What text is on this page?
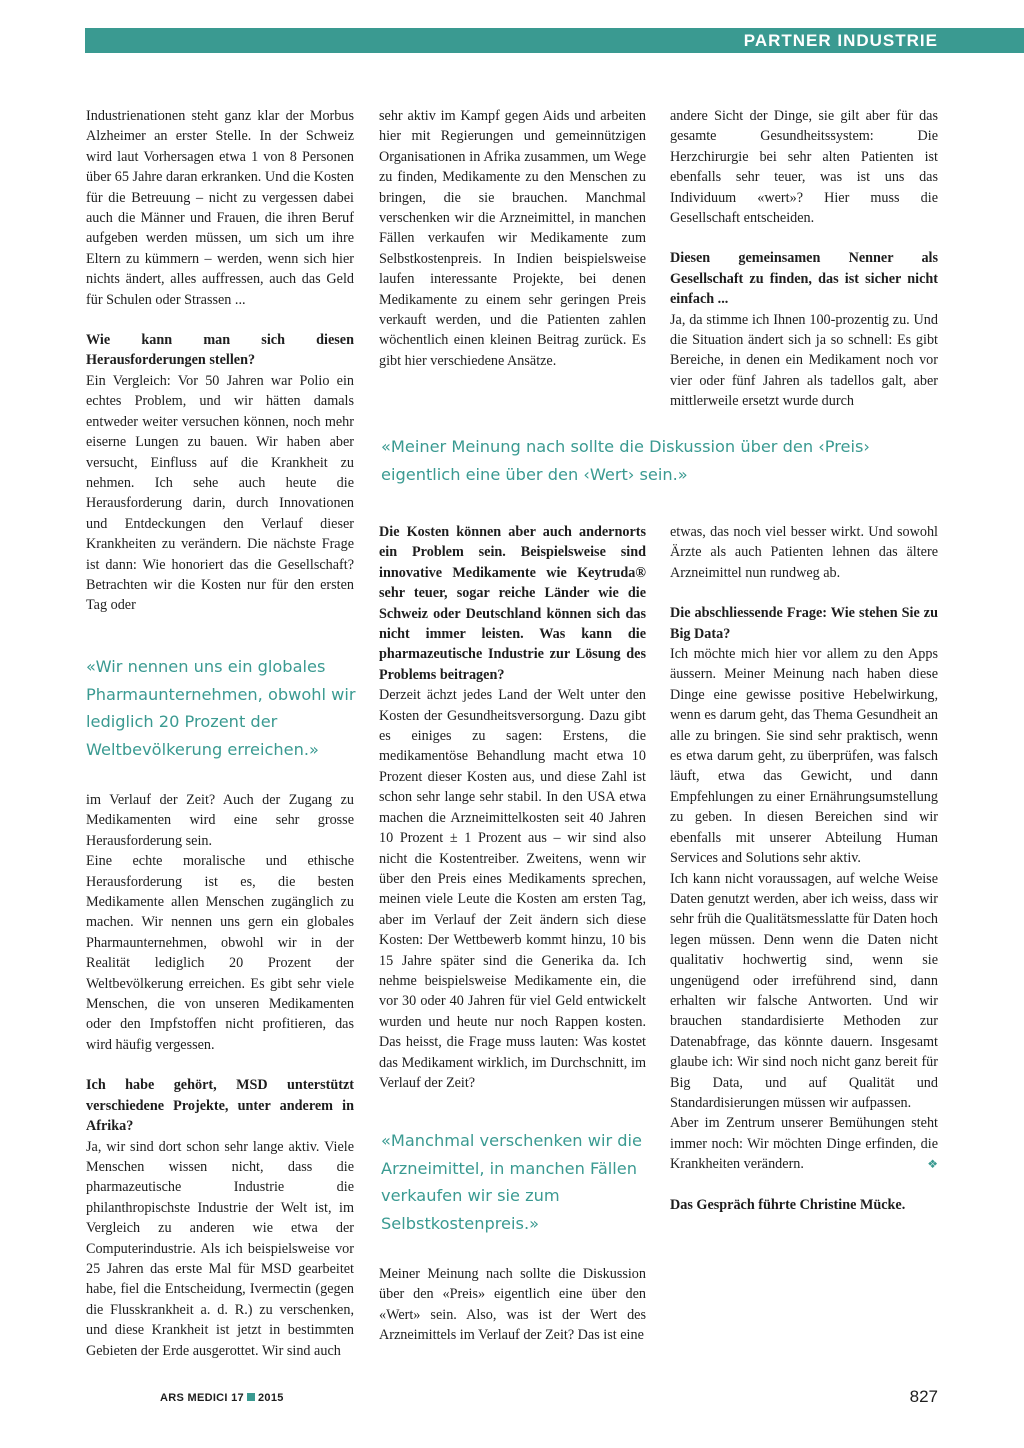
PARTNER INDUSTRIE

Industrienationen steht ganz klar der Morbus Alzheimer an erster Stelle. In der Schweiz wird laut Vorhersagen etwa 1 von 8 Personen über 65 Jahre daran erkranken. Und die Kosten für die Betreuung – nicht zu vergessen dabei auch die Männer und Frauen, die ihren Beruf aufgeben werden müssen, um sich um ihre Eltern zu kümmern – werden, wenn sich hier nichts ändert, alles auffressen, auch das Geld für Schulen oder Strassen ...

Wie kann man sich diesen Herausforderungen stellen?

Ein Vergleich: Vor 50 Jahren war Polio ein echtes Problem, und wir hätten damals entweder weiter versuchen können, noch mehr eiserne Lungen zu bauen. Wir haben aber versucht, Einfluss auf die Krankheit zu nehmen. Ich sehe auch heute die Herausforderung darin, durch Innovationen und Entdeckungen den Verlauf dieser Krankheiten zu verändern. Die nächste Frage ist dann: Wie honoriert das die Gesellschaft? Betrachten wir die Kosten nur für den ersten Tag oder

«Wir nennen uns ein globales Pharmaunternehmen, obwohl wir lediglich 20 Prozent der Weltbevölkerung erreichen.»

im Verlauf der Zeit? Auch der Zugang zu Medikamenten wird eine sehr grosse Herausforderung sein.

Eine echte moralische und ethische Herausforderung ist es, die besten Medikamente allen Menschen zugänglich zu machen. Wir nennen uns gern ein globales Pharmaunternehmen, obwohl wir in der Realität lediglich 20 Prozent der Weltbevölkerung erreichen. Es gibt sehr viele Menschen, die von unseren Medikamenten oder den Impfstoffen nicht profitieren, das wird häufig vergessen.

Ich habe gehört, MSD unterstützt verschiedene Projekte, unter anderem in Afrika?

Ja, wir sind dort schon sehr lange aktiv. Viele Menschen wissen nicht, dass die pharmazeutische Industrie die philanthropischste Industrie der Welt ist, im Vergleich zu anderen wie etwa der Computerindustrie. Als ich beispielsweise vor 25 Jahren das erste Mal für MSD gearbeitet habe, fiel die Entscheidung, Ivermectin (gegen die Flusskrankheit a. d. R.) zu verschenken, und diese Krankheit ist jetzt in bestimmten Gebieten der Erde ausgerottet. Wir sind auch

sehr aktiv im Kampf gegen Aids und arbeiten hier mit Regierungen und gemeinnützigen Organisationen in Afrika zusammen, um Wege zu finden, Medikamente zu den Menschen zu bringen, die sie brauchen. Manchmal verschenken wir die Arzneimittel, in manchen Fällen verkaufen wir Medikamente zum Selbstkostenpreis. In Indien beispielsweise laufen interessante Projekte, bei denen Medikamente zu einem sehr geringen Preis verkauft werden, und die Patienten zahlen wöchentlich einen kleinen Beitrag zurück. Es gibt hier verschiedene Ansätze.

andere Sicht der Dinge, sie gilt aber für das gesamte Gesundheitssystem: Die Herzchirurgie bei sehr alten Patienten ist ebenfalls sehr teuer, was ist uns das Individuum «wert»? Hier muss die Gesellschaft entscheiden.

Diesen gemeinsamen Nenner als Gesellschaft zu finden, das ist sicher nicht einfach ...

Ja, da stimme ich Ihnen 100-prozentig zu. Und die Situation ändert sich ja so schnell: Es gibt Bereiche, in denen ein Medikament noch vor vier oder fünf Jahren als tadellos galt, aber mittlerweile ersetzt wurde durch

«Meiner Meinung nach sollte die Diskussion über den ‹Preis› eigentlich eine über den ‹Wert› sein.»

Die Kosten können aber auch andernorts ein Problem sein. Beispielsweise sind innovative Medikamente wie Keytruda® sehr teuer, sogar reiche Länder wie die Schweiz oder Deutschland können sich das nicht immer leisten. Was kann die pharmazeutische Industrie zur Lösung des Problems beitragen?

Derzeit ächzt jedes Land der Welt unter den Kosten der Gesundheitsversorgung. Dazu gibt es einiges zu sagen: Erstens, die medikamentöse Behandlung macht etwa 10 Prozent dieser Kosten aus, und diese Zahl ist schon sehr lange sehr stabil. In den USA etwa machen die Arzneimittelkosten seit 40 Jahren 10 Prozent ± 1 Prozent aus – wir sind also nicht die Kostentreiber. Zweitens, wenn wir über den Preis eines Medikaments sprechen, meinen viele Leute die Kosten am ersten Tag, aber im Verlauf der Zeit ändern sich diese Kosten: Der Wettbewerb kommt hinzu, 10 bis 15 Jahre später sind die Generika da. Ich nehme beispielsweise Medikamente ein, die vor 30 oder 40 Jahren für viel Geld entwickelt wurden und heute nur noch Rappen kosten. Das heisst, die Frage muss lauten: Was kostet das Medikament wirklich, im Durchschnitt, im Verlauf der Zeit?

«Manchmal verschenken wir die Arzneimittel, in manchen Fällen verkaufen wir sie zum Selbstkostenpreis.»

Meiner Meinung nach sollte die Diskussion über den «Preis» eigentlich eine über den «Wert» sein. Also, was ist der Wert des Arzneimittels im Verlauf der Zeit? Das ist eine

etwas, das noch viel besser wirkt. Und sowohl Ärzte als auch Patienten lehnen das ältere Arzneimittel nun rundweg ab.

Die abschliessende Frage: Wie stehen Sie zu Big Data?

Ich möchte mich hier vor allem zu den Apps äussern. Meiner Meinung nach haben diese Dinge eine gewisse positive Hebelwirkung, wenn es darum geht, das Thema Gesundheit an alle zu bringen. Sie sind sehr praktisch, wenn es etwa darum geht, zu überprüfen, was falsch läuft, etwa das Gewicht, und dann Empfehlungen zu einer Ernährungsumstellung zu geben. In diesen Bereichen sind wir ebenfalls mit unserer Abteilung Human Services and Solutions sehr aktiv.

Ich kann nicht voraussagen, auf welche Weise Daten genutzt werden, aber ich weiss, dass wir sehr früh die Qualitätsmesslatte für Daten hoch legen müssen. Denn wenn die Daten nicht qualitativ hochwertig sind, wenn sie ungenügend oder irreführend sind, dann erhalten wir falsche Antworten. Und wir brauchen standardisierte Methoden zur Datenabfrage, das könnte dauern. Insgesamt glaube ich: Wir sind noch nicht ganz bereit für Big Data, und auf Qualität und Standardisierungen müssen wir aufpassen.

Aber im Zentrum unserer Bemühungen steht immer noch: Wir möchten Dinge erfinden, die Krankheiten verändern.	❖

Das Gespräch führte Christine Mücke.

ARS MEDICI 17 2015	827
